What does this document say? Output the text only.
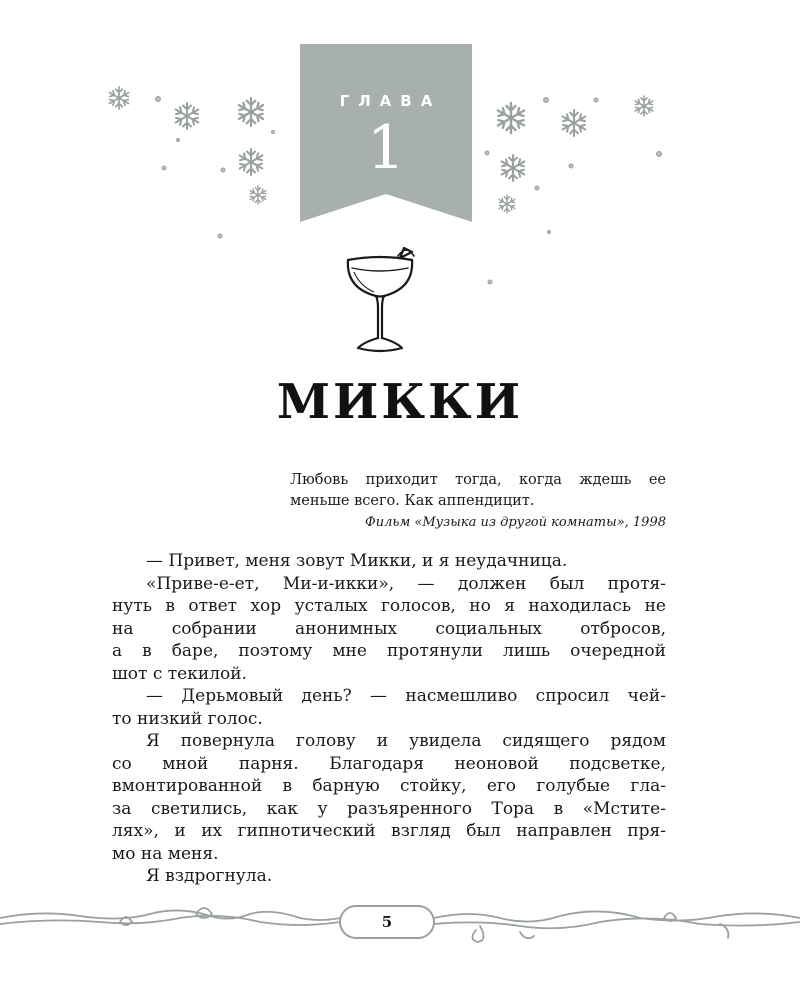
ГЛАВА
1
МИККИ
Любовь приходит тогда, когда ждешь ее
меньше всего. Как аппендицит.
Фильм «Музыка из другой комнаты», 1998
— Привет, меня зовут Микки, и я неудачница.
«Приве-е-ет, Ми-и-икки», — должен был протя-
нуть в ответ хор усталых голосов, но я находилась не
на собрании анонимных социальных отбросов,
а в баре, поэтому мне протянули лишь очередной
шот с текилой.
— Дерьмовый день? — насмешливо спросил чей-
то низкий голос.
Я повернула голову и увидела сидящего рядом
со мной парня. Благодаря неоновой подсветке,
вмонтированной в барную стойку, его голубые гла-
за светились, как у разъяренного Тора в «Мстите-
лях», и их гипнотический взгляд был направлен пря-
мо на меня.
Я вздрогнула.
5
